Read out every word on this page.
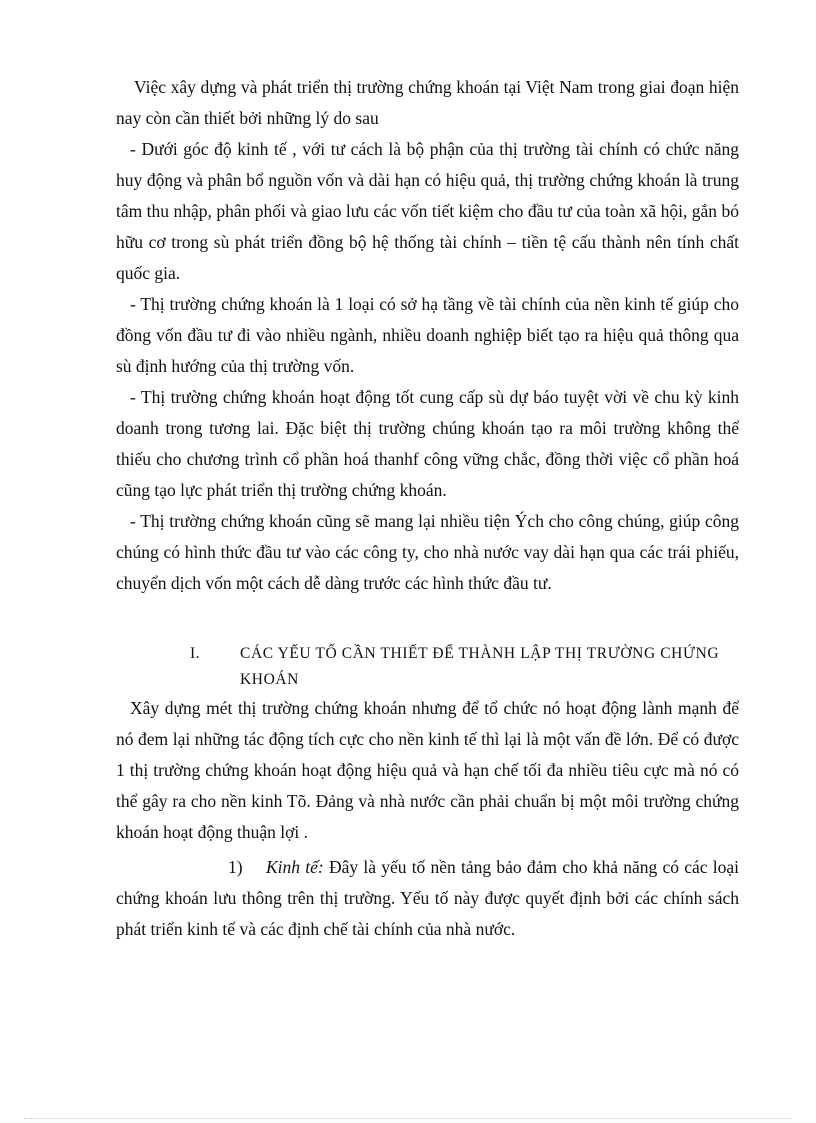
Việc xây dựng và phát triển thị trường chứng khoán tại Việt Nam trong giai đoạn hiện nay còn cần thiết bởi những lý do sau
- Dưới góc độ kinh tế , với tư cách là bộ phận của thị trường tài chính có chức năng huy động và phân bổ nguồn vốn và dài hạn có hiệu quả, thị trường chứng khoán là trung tâm thu nhập, phân phối và giao lưu các vốn tiết kiệm cho đầu tư của toàn xã hội, gắn bó hữu cơ trong sù phát triển đồng bộ hệ thống tài chính – tiền tệ cấu thành nên tính chất quốc gia.
- Thị trường chứng khoán là 1 loại có sở hạ tầng về tài chính của nền kinh tế giúp cho đồng vốn đầu tư đi vào nhiều ngành, nhiều doanh nghiệp biết tạo ra hiệu quả thông qua sù định hướng của thị trường vốn.
- Thị trường chứng khoán hoạt động tốt cung cấp sù dự báo tuyệt vời về chu kỳ kinh doanh trong tương lai. Đặc biệt thị trường chúng khoán tạo ra môi trường không thể thiếu cho chương trình cổ phần hoá thanhf công vững chắc, đồng thời việc cổ phần hoá cũng tạo lực phát triển thị trường chứng khoán.
- Thị trường chứng khoán cũng sẽ mang lại nhiều tiện Ých cho công chúng, giúp công chúng có hình thức đầu tư vào các công ty, cho nhà nước vay dài hạn qua các trái phiếu, chuyển dịch vốn một cách dễ dàng trước các hình thức đầu tư.
I.	CÁC YẾU TỐ CẦN THIẾT ĐỂ THÀNH LẬP THỊ TRƯỜNG CHỨNG KHOÁN
Xây dựng mét thị trường chứng khoán nhưng để tổ chức nó hoạt động lành mạnh để nó đem lại những tác động tích cực cho nền kinh tế thì lại là một vấn đề lớn. Để có được 1 thị trường chứng khoán hoạt động hiệu quả và hạn chế tối đa nhiều tiêu cực mà nó có thể gây ra cho nền kinh Tõ. Đảng và nhà nước cần phải chuẩn bị một môi trường chứng khoán hoạt động thuận lợi .
1) Kinh tế: Đây là yếu tố nền tảng bảo đảm cho khả năng có các loại chứng khoán lưu thông trên thị trường. Yếu tố này được quyết định bởi các chính sách phát triển kinh tế và các định chế tài chính của nhà nước.
